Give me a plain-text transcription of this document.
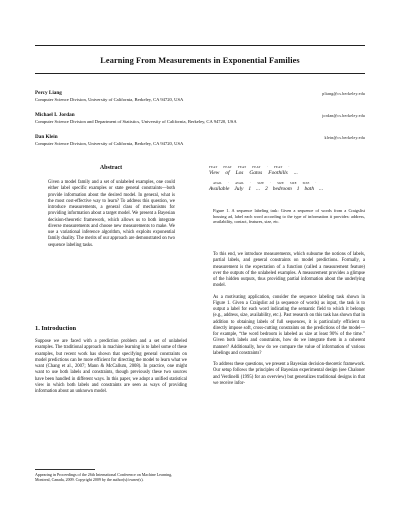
Learning From Measurements in Exponential Families
Percy Liang	pliang@cs.berkeley.edu
Computer Science Division, University of California, Berkeley, CA 94720, USA
Michael I. Jordan	jordan@cs.berkeley.edu
Computer Science Division and Department of Statistics, University of California, Berkeley, CA 94720, USA
Dan Klein	klein@cs.berkeley.edu
Computer Science Division, University of California, Berkeley, CA 94720, USA
Abstract
Given a model family and a set of unlabeled examples, one could either label specific examples or state general constraints—both provide information about the desired model. In general, what is the most cost-effective way to learn? To address this question, we introduce measurements, a general class of mechanisms for providing information about a target model. We present a Bayesian decision-theoretic framework, which allows us to both integrate diverse measurements and choose new measurements to make. We use a variational inference algorithm, which exploits exponential family duality. The merits of our approach are demonstrated on two sequence labeling tasks.
1. Introduction
Suppose we are faced with a prediction problem and a set of unlabeled examples. The traditional approach in machine learning is to label some of these examples, but recent work has shown that specifying general constraints on model predictions can be more efficient for directing the model to learn what we want (Chang et al., 2007; Mann & McCallum, 2008). In practice, one might want to use both labels and constraints, though previously these two sources have been handled in different ways. In this paper, we adopt a unified statistical view in which both labels and constraints are seen as ways of providing information about an unknown model.
Appearing in Proceedings of the 26th International Conference on Machine Learning, Montreal, Canada, 2009. Copyright 2009 by the author(s)/owner(s).
FEAT FEAT FEAT FEAT · FEAT ·
View of Los Gatos Foothills ...
AVAIL · AVAIL · SIZE · SIZE SIZE SIZE ·
Available July 1 ... 2 bedroom 1 bath ...
Figure 1. A sequence labeling task: Given a sequence of words from a Craigslist housing ad, label each word according to the type of information it provides: address, availability, contact, features, size, etc.

To this end, we introduce measurements, which subsume the notions of labels, partial labels, and general constraints on model predictions. Formally, a measurement is the expectation of a function (called a measurement feature) over the outputs of the unlabeled examples. A measurement provides a glimpse of the hidden outputs, thus providing partial information about the underlying model.

As a motivating application, consider the sequence labeling task shown in Figure 1. Given a Craigslist ad (a sequence of words) as input, the task is to output a label for each word indicating the semantic field to which it belongs (e.g., address, size, availability, etc.). Past research on this task has shown that in addition to obtaining labels of full sequences, it is particularly efficient to directly impose soft, cross-cutting constraints on the predictions of the model—for example, “the word bedroom is labeled as size at least 90% of the time.” Given both labels and constraints, how do we integrate them in a coherent manner? Additionally, how do we compare the value of information of various labelings and constraints?

To address these questions, we present a Bayesian decision-theoretic framework. Our setup follows the principles of Bayesian experimental design (see Chaloner and Verdinelli (1995) for an overview) but generalizes traditional designs in that we receive infor-
